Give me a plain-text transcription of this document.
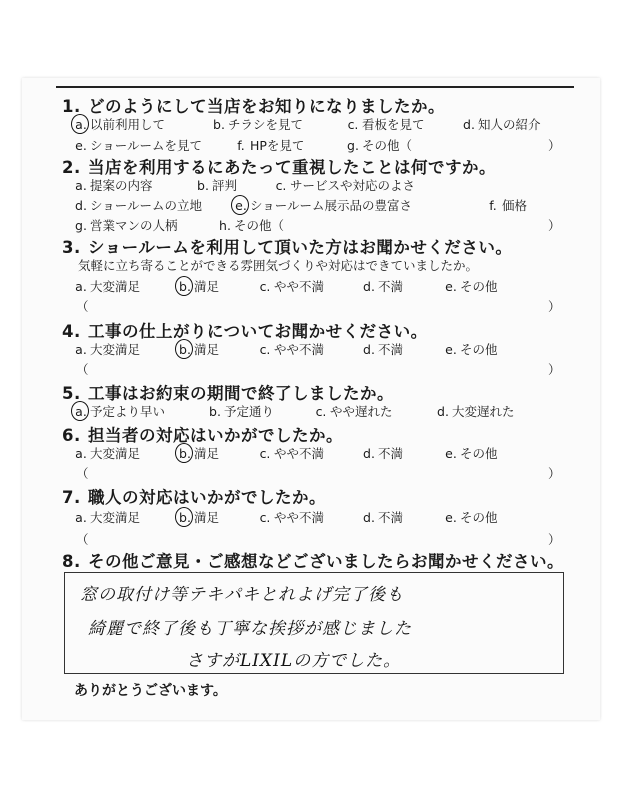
1. どのようにして当店をお知りになりましたか。
a. 以前利用して	b. チラシを見て	c. 看板を見て	d. 知人の紹介
e. ショールームを見て	f. HPを見て	g. その他（	）
2. 当店を利用するにあたって重視したことは何ですか。
a. 提案の内容	b. 評判	c. サービスや対応のよさ
d. ショールームの立地	e. ショールーム展示品の豊富さ	f. 価格
g. 営業マンの人柄	h. その他（	）
3. ショールームを利用して頂いた方はお聞かせください。
気軽に立ち寄ることができる雰囲気づくりや対応はできていましたか。
a. 大変満足	b. 満足	c. やや不満	d. 不満	e. その他
（	）
4. 工事の仕上がりについてお聞かせください。
a. 大変満足	b. 満足	c. やや不満	d. 不満	e. その他
（	）
5. 工事はお約束の期間で終了しましたか。
a. 予定より早い	b. 予定通り	c. やや遅れた	d. 大変遅れた
6. 担当者の対応はいかがでしたか。
a. 大変満足	b. 満足	c. やや不満	d. 不満	e. その他
（	）
7. 職人の対応はいかがでしたか。
a. 大変満足	b. 満足	c. やや不満	d. 不満	e. その他
（	）
8. その他ご意見・ご感想などございましたらお聞かせください。
窓の取付け等テキパキとれよげ完了後も
綺麗で終了後も丁寧な挨拶が感じました
さすがLIXILの方でした。
ありがとうございます。
